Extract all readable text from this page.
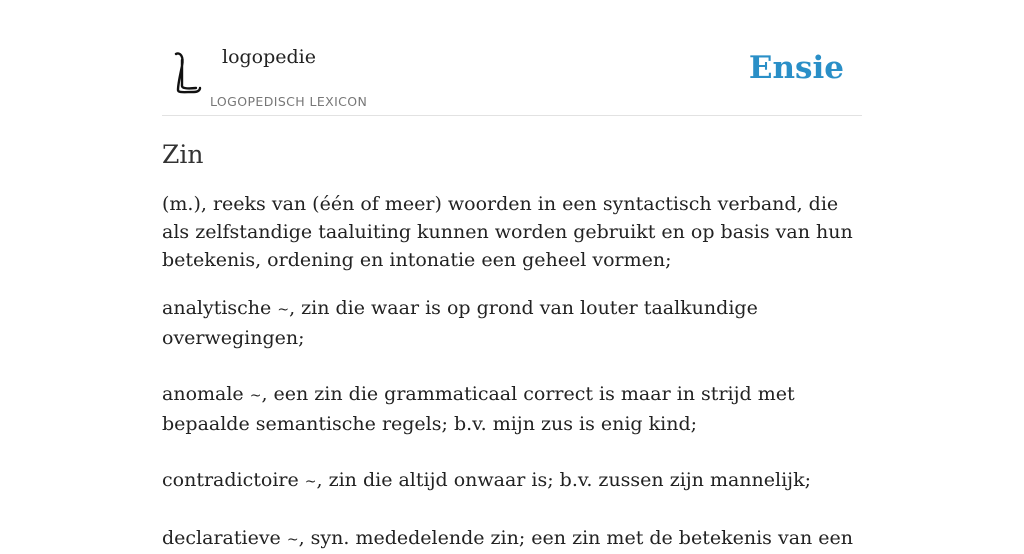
logopedie
LOGOPEDISCH LEXICON
Ensie
Zin

(m.), reeks van (één of meer) woorden in een syntactisch verband, die als zelfstandige taaluiting kunnen worden gebruikt en op basis van hun betekenis, ordening en intonatie een geheel vormen;

analytische ~, zin die waar is op grond van louter taalkundige overwegingen;

anomale ~, een zin die grammaticaal correct is maar in strijd met bepaalde semantische regels; b.v. mijn zus is enig kind;

contradictoire ~, zin die altijd onwaar is; b.v. zussen zijn mannelijk;

declaratieve ~, syn. mededelende zin; een zin met de betekenis van een
